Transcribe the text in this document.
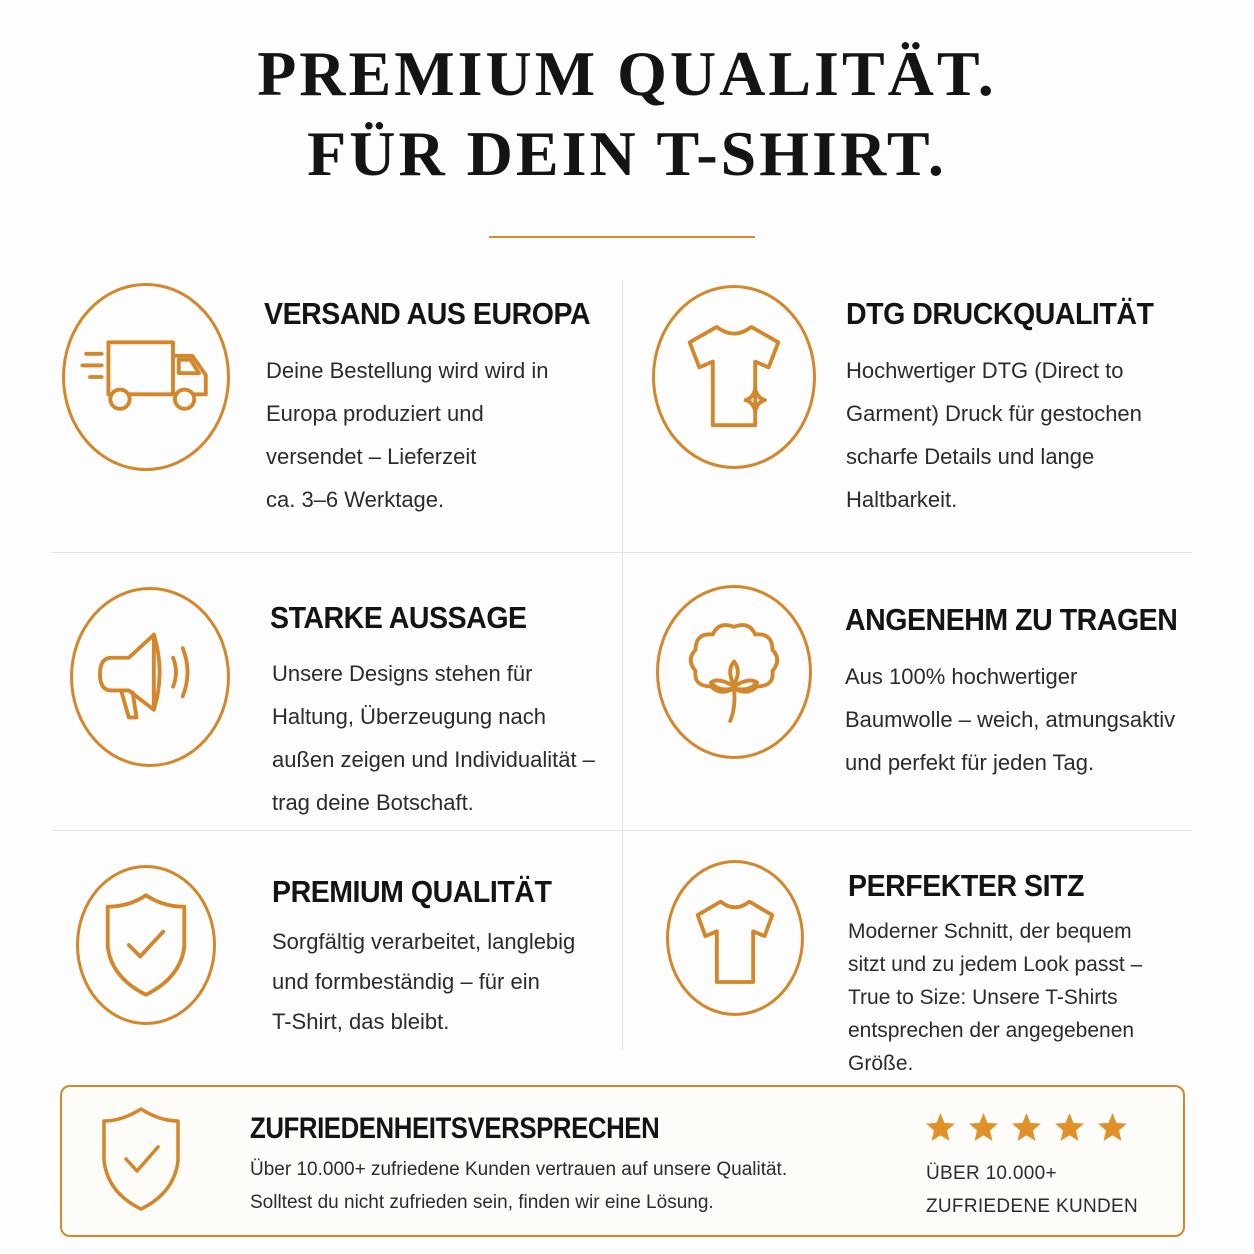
PREMIUM QUALITÄT.
FÜR DEIN T-SHIRT.
VERSAND AUS EUROPA
Deine Bestellung wird wird in
Europa produziert und
versendet – Lieferzeit
ca. 3–6 Werktage.
DTG DRUCKQUALITÄT
Hochwertiger DTG (Direct to
Garment) Druck für gestochen
scharfe Details und lange
Haltbarkeit.
STARKE AUSSAGE
Unsere Designs stehen für
Haltung, Überzeugung nach
außen zeigen und Individualität –
trag deine Botschaft.
ANGENEHM ZU TRAGEN
Aus 100% hochwertiger
Baumwolle – weich, atmungsaktiv
und perfekt für jeden Tag.
PREMIUM QUALITÄT
Sorgfältig verarbeitet, langlebig
und formbeständig – für ein
T-Shirt, das bleibt.
PERFEKTER SITZ
Moderner Schnitt, der bequem
sitzt und zu jedem Look passt –
True to Size: Unsere T-Shirts
entsprechen der angegebenen
Größe.
ZUFRIEDENHEITSVERSPRECHEN
Über 10.000+ zufriedene Kunden vertrauen auf unsere Qualität.
Solltest du nicht zufrieden sein, finden wir eine Lösung.
ÜBER 10.000+
ZUFRIEDENE KUNDEN
